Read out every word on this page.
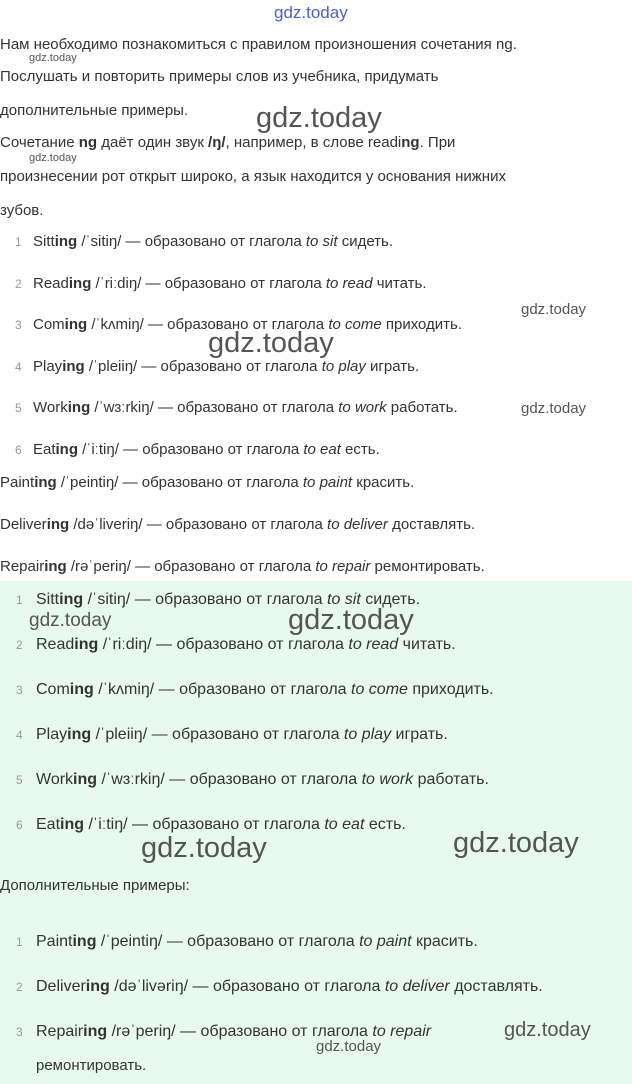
gdz.today
Нам необходимо познакомиться с правилом произношения сочетания ng.
Послушать и повторить примеры слов из учебника, придумать
дополнительные примеры.
Сочетание ng даёт один звук /ŋ/, например, в слове reading. При
произнесении рот открыт широко, а язык находится у основания нижних
зубов.
1 Sitting /ˈsitiŋ/ — образовано от глагола to sit сидеть.
2 Reading /ˈriːdiŋ/ — образовано от глагола to read читать.
3 Coming /ˈkʌmiŋ/ — образовано от глагола to come приходить.
4 Playing /ˈpleiiŋ/ — образовано от глагола to play играть.
5 Working /ˈwɜːrkiŋ/ — образовано от глагола to work работать.
6 Eating /ˈiːtiŋ/ — образовано от глагола to eat есть.
Painting /ˈpeintiŋ/ — образовано от глагола to paint красить.
Delivering /dəˈliveriŋ/ — образовано от глагола to deliver доставлять.
Repairing /rəˈperiŋ/ — образовано от глагола to repair ремонтировать.
1 Sitting /ˈsitiŋ/ — образовано от глагола to sit сидеть.
2 Reading /ˈriːdiŋ/ — образовано от глагола to read читать.
3 Coming /ˈkʌmiŋ/ — образовано от глагола to come приходить.
4 Playing /ˈpleiiŋ/ — образовано от глагола to play играть.
5 Working /ˈwɜːrkiŋ/ — образовано от глагола to work работать.
6 Eating /ˈiːtiŋ/ — образовано от глагола to eat есть.
Дополнительные примеры:
1 Painting /ˈpeintiŋ/ — образовано от глагола to paint красить.
2 Delivering /dəˈlivəriŋ/ — образовано от глагола to deliver доставлять.
3 Repairing /rəˈperiŋ/ — образовано от глагола to repair
ремонтировать.
gdz.today
gdz.today
gdz.today
gdz.today
gdz.today
gdz.today
gdz.today	gdz.today
gdz.today	gdz.today
gdz.today
gdz.today
